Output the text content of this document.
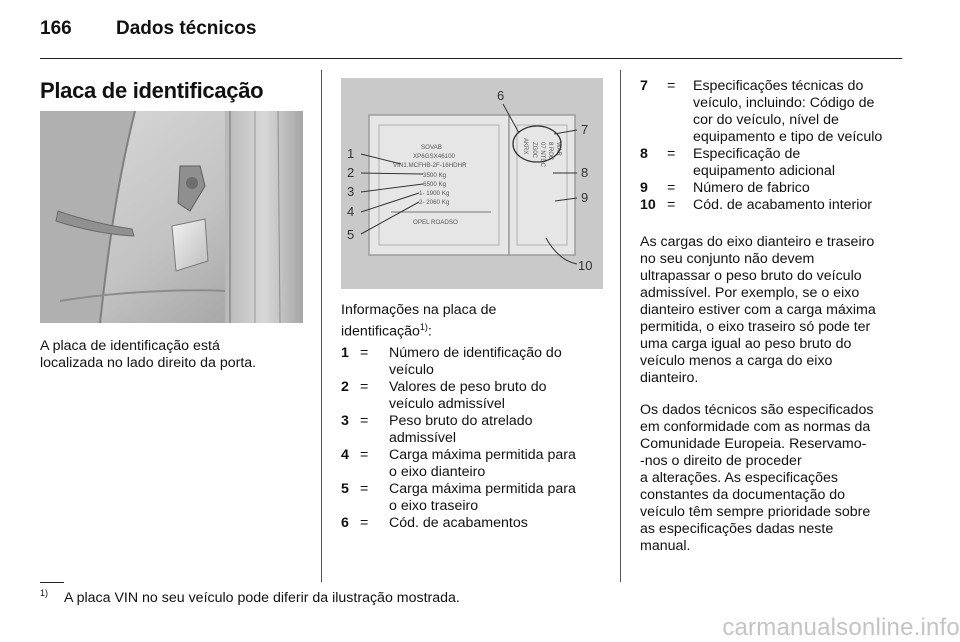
166 Dados técnicos
Placa de identificação
A placa de identificação está
localizada no lado direito da porta.
SOVAB
XP6GSX46100
VIN1.MCFHB-2F-16HDHR
3500 Kg
6500 Kg
1- 1900 Kg
2- 2060 Kg
OPEL ROADSO
AKRX ZG0C 07 NTDC 8 ROC WAR
1
2
3
4
5
6
7
8
9
10
Informações na placa de
identificação$^{1)}$:
1 = Número de identificação do
veículo
2 = Valores de peso bruto do
veículo admissível
3 = Peso bruto do atrelado
admissível
4 = Carga máxima permitida para
o eixo dianteiro
5 = Carga máxima permitida para
o eixo traseiro
6 = Cód. de acabamentos
7 = Especificações técnicas do
veículo, incluindo: Código de
cor do veículo, nível de
equipamento e tipo de veículo
8 = Especificação de
equipamento adicional
9 = Número de fabrico
10 = Cód. de acabamento interior
As cargas do eixo dianteiro e traseiro
no seu conjunto não devem
ultrapassar o peso bruto do veículo
admissível. Por exemplo, se o eixo
dianteiro estiver com a carga máxima
permitida, o eixo traseiro só pode ter
uma carga igual ao peso bruto do
veículo menos a carga do eixo
dianteiro.
Os dados técnicos são especificados
em conformidade com as normas da
Comunidade Europeia. Reservamo-
-nos o direito de proceder
a alterações. As especificações
constantes da documentação do
veículo têm sempre prioridade sobre
as especificações dadas neste
manual.
$^{1)}$ A placa VIN no seu veículo pode diferir da ilustração mostrada.
carmanualsonline.info
